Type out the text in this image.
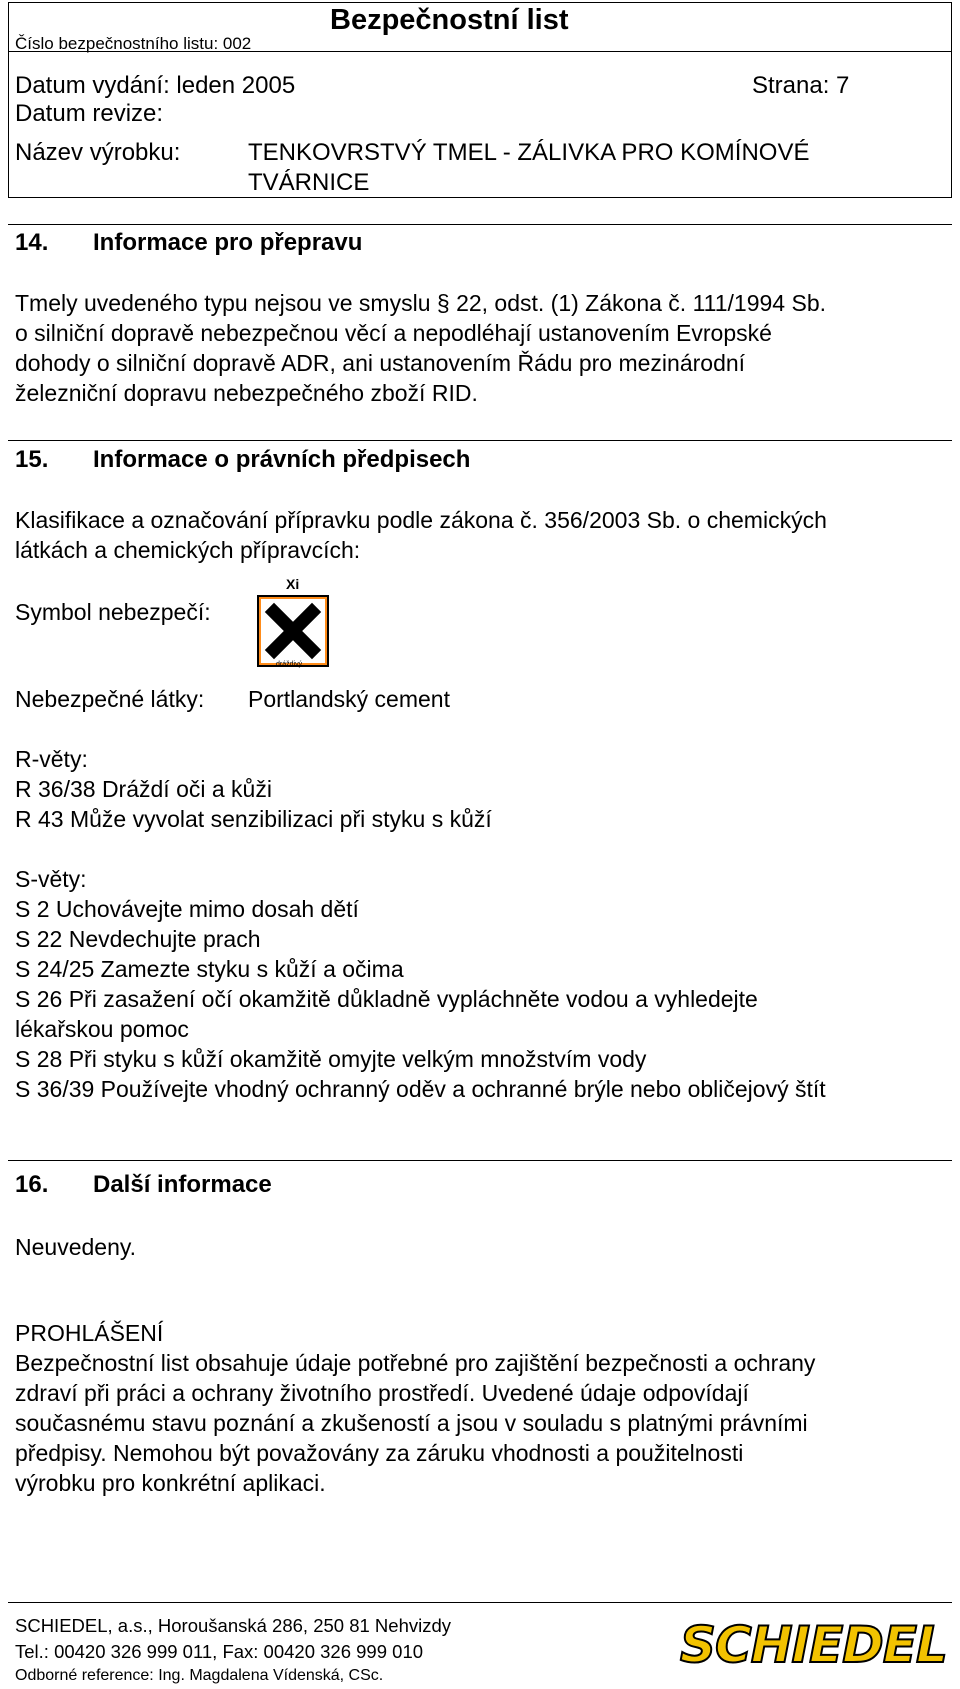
Číslo bezpečnostního listu: 002
Bezpečnostní list
Datum vydání: leden 2005	Strana: 7
Datum revize:
Název výrobku:	TENKOVRSTVÝ TMEL - ZÁLIVKA PRO KOMÍNOVÉ
TVÁRNICE
14. Informace pro přepravu
Tmely uvedeného typu nejsou ve smyslu § 22, odst. (1) Zákona č. 111/1994 Sb.
o silniční dopravě nebezpečnou věcí a nepodléhají ustanovením Evropské
dohody o silniční dopravě ADR, ani ustanovením Řádu pro mezinárodní
železniční dopravu nebezpečného zboží RID.
15. Informace o právních předpisech
Klasifikace a označování přípravku podle zákona č. 356/2003 Sb. o chemických
látkách a chemických přípravcích:
Symbol nebezpečí:
Xi
dráždivý
Nebezpečné látky: Portlandský cement
R-věty:
R 36/38 Dráždí oči a kůži
R 43 Může vyvolat senzibilizaci při styku s kůží
S-věty:
S 2 Uchovávejte mimo dosah dětí
S 22 Nevdechujte prach
S 24/25 Zamezte styku s kůží a očima
S 26 Při zasažení očí okamžitě důkladně vypláchněte vodou a vyhledejte
lékařskou pomoc
S 28 Při styku s kůží okamžitě omyjte velkým množstvím vody
S 36/39 Používejte vhodný ochranný oděv a ochranné brýle nebo obličejový štít
16. Další informace
Neuvedeny.
PROHLÁŠENÍ
Bezpečnostní list obsahuje údaje potřebné pro zajištění bezpečnosti a ochrany
zdraví při práci a ochrany životního prostředí. Uvedené údaje odpovídají
současnému stavu poznání a zkušeností a jsou v souladu s platnými právními
předpisy. Nemohou být považovány za záruku vhodnosti a použitelnosti
výrobku pro konkrétní aplikaci.
SCHIEDEL, a.s., Horoušanská 286, 250 81 Nehvizdy
Tel.: 00420 326 999 011, Fax: 00420 326 999 010
Odborné reference: Ing. Magdalena Vídenská, CSc.
SCHIEDEL
